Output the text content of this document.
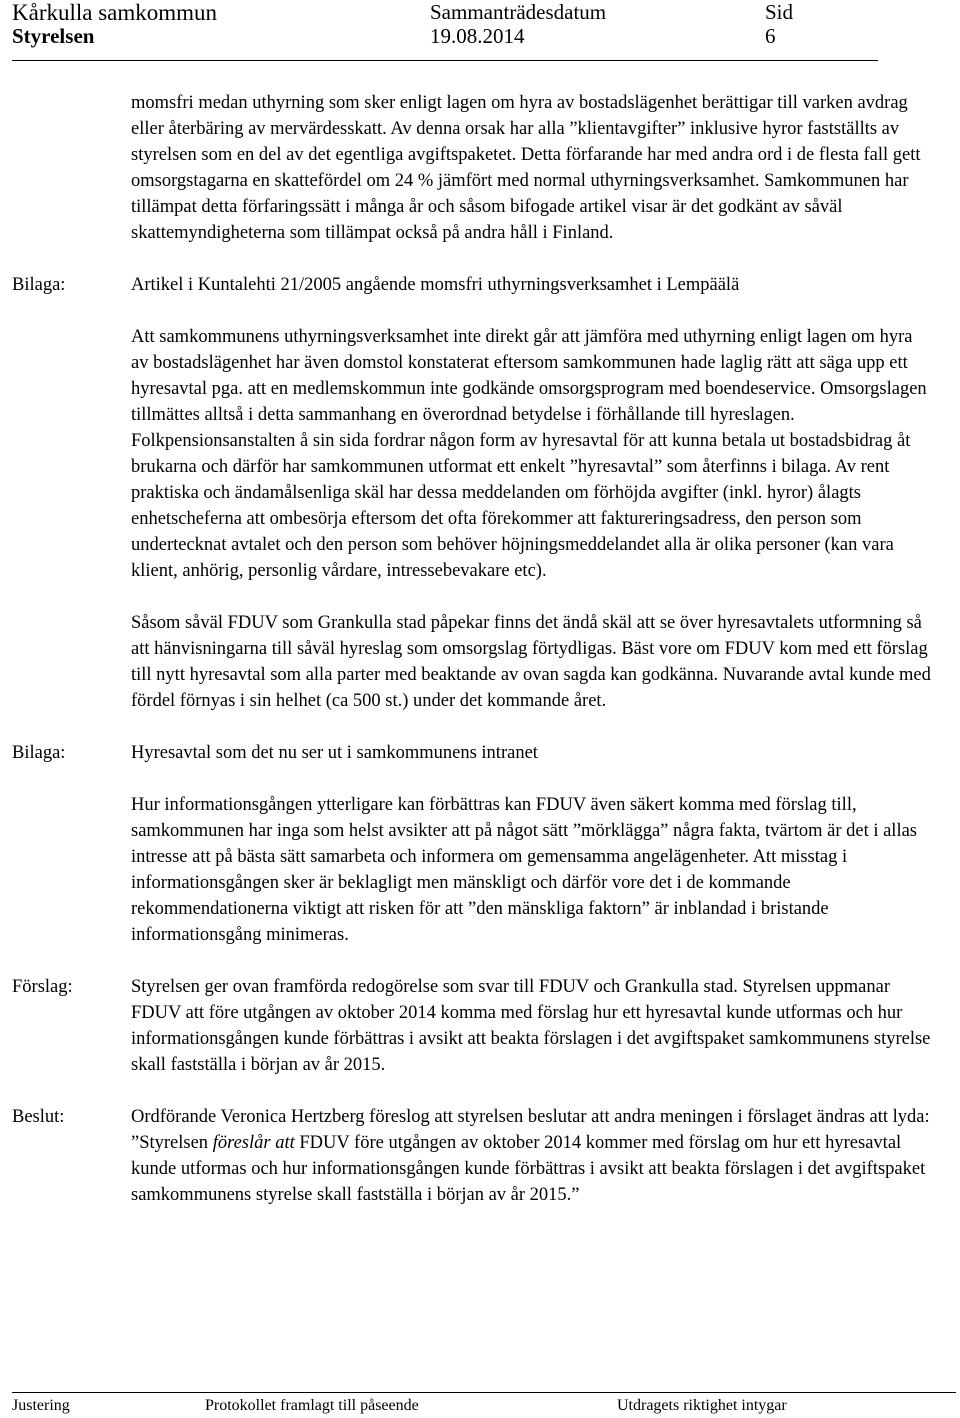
Kårkulla samkommun
Styrelsen
Sammanträdesdatum
19.08.2014
Sid
6

momsfri medan uthyrning som sker enligt lagen om hyra av bostadslägenhet berättigar till varken avdrag eller återbäring av mervärdesskatt. Av denna orsak har alla ”klientavgifter” inklusive hyror fastställts av styrelsen som en del av det egentliga avgiftspaketet. Detta förfarande har med andra ord i de flesta fall gett omsorgstagarna en skattefördel om 24 % jämfört med normal uthyrningsverksamhet. Samkommunen har tillämpat detta förfaringssätt i många år och såsom bifogade artikel visar är det godkänt av såväl skattemyndigheterna som tillämpat också på andra håll i Finland.

Bilaga:	Artikel i Kuntalehti 21/2005 angående momsfri uthyrningsverksamhet i Lempäälä

Att samkommunens uthyrningsverksamhet inte direkt går att jämföra med uthyrning enligt lagen om hyra av bostadslägenhet har även domstol konstaterat eftersom samkommunen hade laglig rätt att säga upp ett hyresavtal pga. att en medlemskommun inte godkände omsorgsprogram med boendeservice. Omsorgslagen tillmättes alltså i detta sammanhang en överordnad betydelse i förhållande till hyreslagen. Folkpensionsanstalten å sin sida fordrar någon form av hyresavtal för att kunna betala ut bostadsbidrag åt brukarna och därför har samkommunen utformat ett enkelt ”hyresavtal” som återfinns i bilaga. Av rent praktiska och ändamålsenliga skäl har dessa meddelanden om förhöjda avgifter (inkl. hyror) ålagts enhetscheferna att ombesörja eftersom det ofta förekommer att faktureringsadress, den person som undertecknat avtalet och den person som behöver höjningsmeddelandet alla är olika personer (kan vara klient, anhörig, personlig vårdare, intressebevakare etc).

Såsom såväl FDUV som Grankulla stad påpekar finns det ändå skäl att se över hyresavtalets utformning så att hänvisningarna till såväl hyreslag som omsorgslag förtydligas. Bäst vore om FDUV kom med ett förslag till nytt hyresavtal som alla parter med beaktande av ovan sagda kan godkänna. Nuvarande avtal kunde med fördel förnyas i sin helhet (ca 500 st.) under det kommande året.

Bilaga:	Hyresavtal som det nu ser ut i samkommunens intranet

Hur informationsgången ytterligare kan förbättras kan FDUV även säkert komma med förslag till, samkommunen har inga som helst avsikter att på något sätt ”mörklägga” några fakta, tvärtom är det i allas intresse att på bästa sätt samarbeta och informera om gemensamma angelägenheter. Att misstag i informationsgången sker är beklagligt men mänskligt och därför vore det i de kommande rekommendationerna viktigt att risken för att ”den mänskliga faktorn” är inblandad i bristande informationsgång minimeras.

Förslag:	Styrelsen ger ovan framförda redogörelse som svar till FDUV och Grankulla stad. Styrelsen uppmanar FDUV att före utgången av oktober 2014 komma med förslag hur ett hyresavtal kunde utformas och hur informationsgången kunde förbättras i avsikt att beakta förslagen i det avgiftspaket samkommunens styrelse skall fastställa i början av år 2015.

Beslut:	Ordförande Veronica Hertzberg föreslog att styrelsen beslutar att andra meningen i förslaget ändras att lyda: ”Styrelsen föreslår att FDUV före utgången av oktober 2014 kommer med förslag om hur ett hyresavtal kunde utformas och hur informationsgången kunde förbättras i avsikt att beakta förslagen i det avgiftspaket samkommunens styrelse skall fastställa i början av år 2015.”

Justering	Protokollet framlagt till påseende	Utdragets riktighet intygar
